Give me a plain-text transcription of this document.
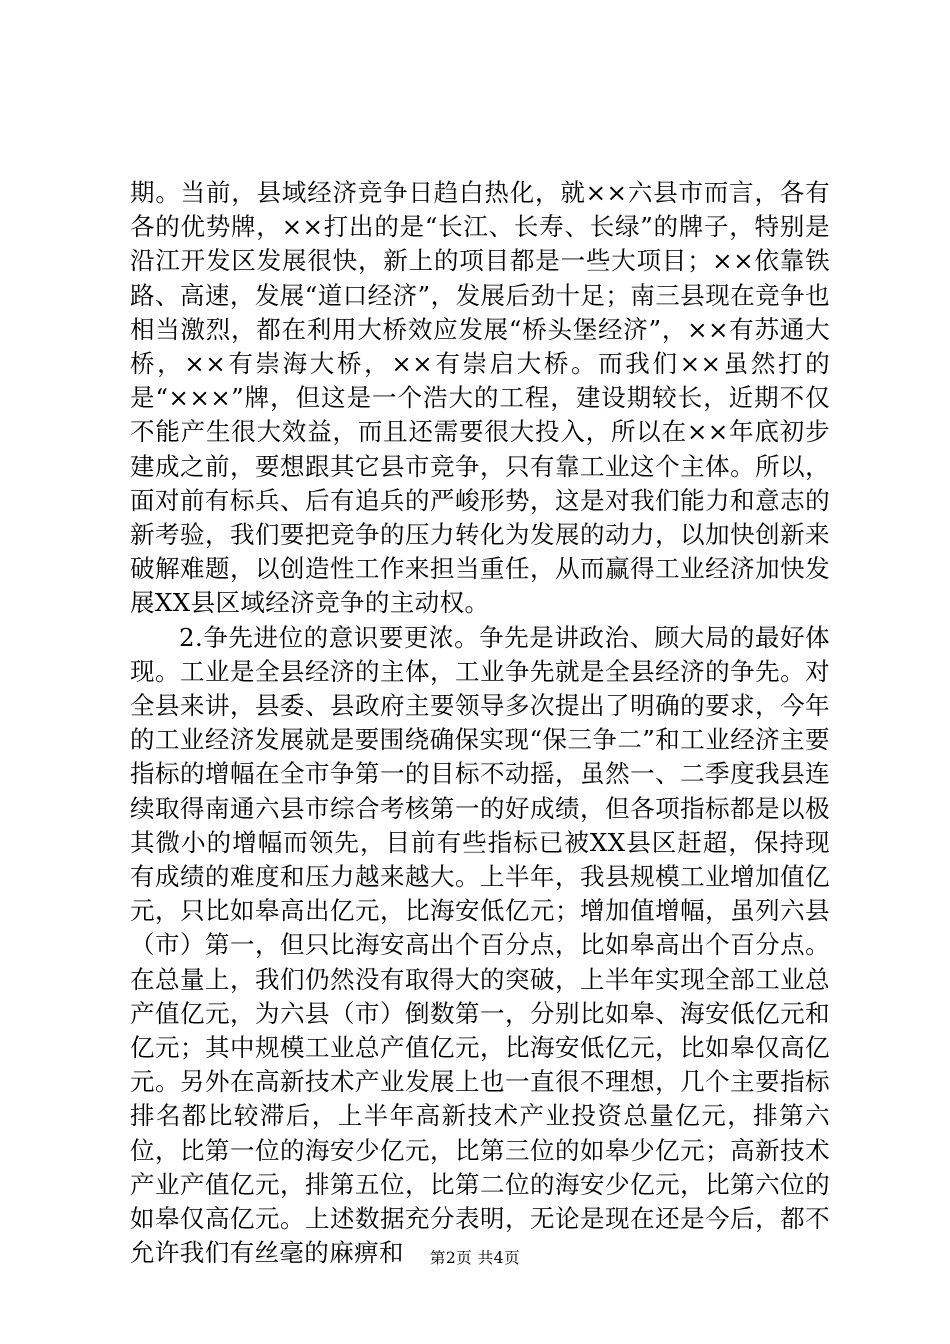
期。当前，县域经济竞争日趋白热化，就××六县市而言，各有各的优势牌，××打出的是“长江、长寿、长绿”的牌子，特别是沿江开发区发展很快，新上的项目都是一些大项目；××依靠铁路、高速，发展“道口经济”，发展后劲十足；南三县现在竞争也相当激烈，都在利用大桥效应发展“桥头堡经济”，××有苏通大桥，××有崇海大桥，××有崇启大桥。而我们××虽然打的是“×××”牌，但这是一个浩大的工程，建设期较长，近期不仅不能产生很大效益，而且还需要很大投入，所以在××年底初步建成之前，要想跟其它县市竞争，只有靠工业这个主体。所以，面对前有标兵、后有追兵的严峻形势，这是对我们能力和意志的新考验，我们要把竞争的压力转化为发展的动力，以加快创新来破解难题，以创造性工作来担当重任，从而赢得工业经济加快发展XX县区域经济竞争的主动权。

2.争先进位的意识要更浓。争先是讲政治、顾大局的最好体现。工业是全县经济的主体，工业争先就是全县经济的争先。对全县来讲，县委、县政府主要领导多次提出了明确的要求，今年的工业经济发展就是要围绕确保实现“保三争二”和工业经济主要指标的增幅在全市争第一的目标不动摇，虽然一、二季度我县连续取得南通六县市综合考核第一的好成绩，但各项指标都是以极其微小的增幅而领先，目前有些指标已被XX县区赶超，保持现有成绩的难度和压力越来越大。上半年，我县规模工业增加值亿元，只比如皋高出亿元，比海安低亿元；增加值增幅，虽列六县（市）第一，但只比海安高出个百分点，比如皋高出个百分点。在总量上，我们仍然没有取得大的突破，上半年实现全部工业总产值亿元，为六县（市）倒数第一，分别比如皋、海安低亿元和亿元；其中规模工业总产值亿元，比海安低亿元，比如皋仅高亿元。另外在高新技术产业发展上也一直很不理想，几个主要指标排名都比较滞后，上半年高新技术产业投资总量亿元，排第六位，比第一位的海安少亿元，比第三位的如皋少亿元；高新技术产业产值亿元，排第五位，比第二位的海安少亿元，比第六位的如皋仅高亿元。上述数据充分表明，无论是现在还是今后，都不允许我们有丝毫的麻痹和	第2页 共4页
